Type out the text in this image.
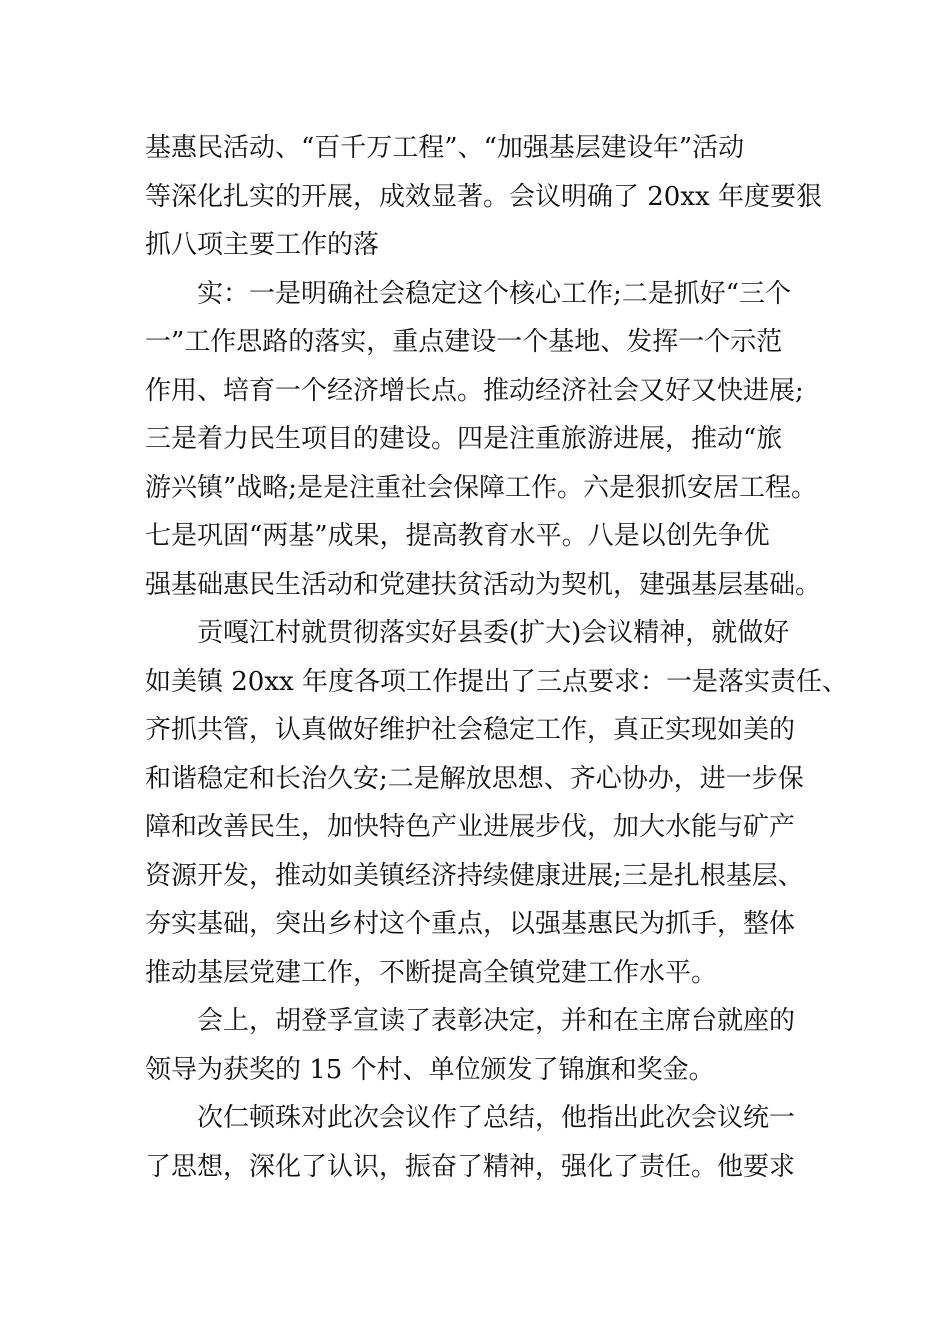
基惠民活动、“百千万工程”、“加强基层建设年”活动
等深化扎实的开展，成效显著。会议明确了 20xx 年度要狠
抓八项主要工作的落
实：一是明确社会稳定这个核心工作;二是抓好“三个
一”工作思路的落实，重点建设一个基地、发挥一个示范
作用、培育一个经济增长点。推动经济社会又好又快进展;
三是着力民生项目的建设。四是注重旅游进展，推动“旅
游兴镇”战略;是是注重社会保障工作。六是狠抓安居工程。
七是巩固“两基”成果，提高教育水平。八是以创先争优
强基础惠民生活动和党建扶贫活动为契机，建强基层基础。
贡嘎江村就贯彻落实好县委(扩大)会议精神，就做好
如美镇 20xx 年度各项工作提出了三点要求：一是落实责任、
齐抓共管，认真做好维护社会稳定工作，真正实现如美的
和谐稳定和长治久安;二是解放思想、齐心协办，进一步保
障和改善民生，加快特色产业进展步伐，加大水能与矿产
资源开发，推动如美镇经济持续健康进展;三是扎根基层、
夯实基础，突出乡村这个重点，以强基惠民为抓手，整体
推动基层党建工作，不断提高全镇党建工作水平。
会上，胡登孚宣读了表彰决定，并和在主席台就座的
领导为获奖的 15 个村、单位颁发了锦旗和奖金。
次仁顿珠对此次会议作了总结，他指出此次会议统一
了思想，深化了认识，振奋了精神，强化了责任。他要求
